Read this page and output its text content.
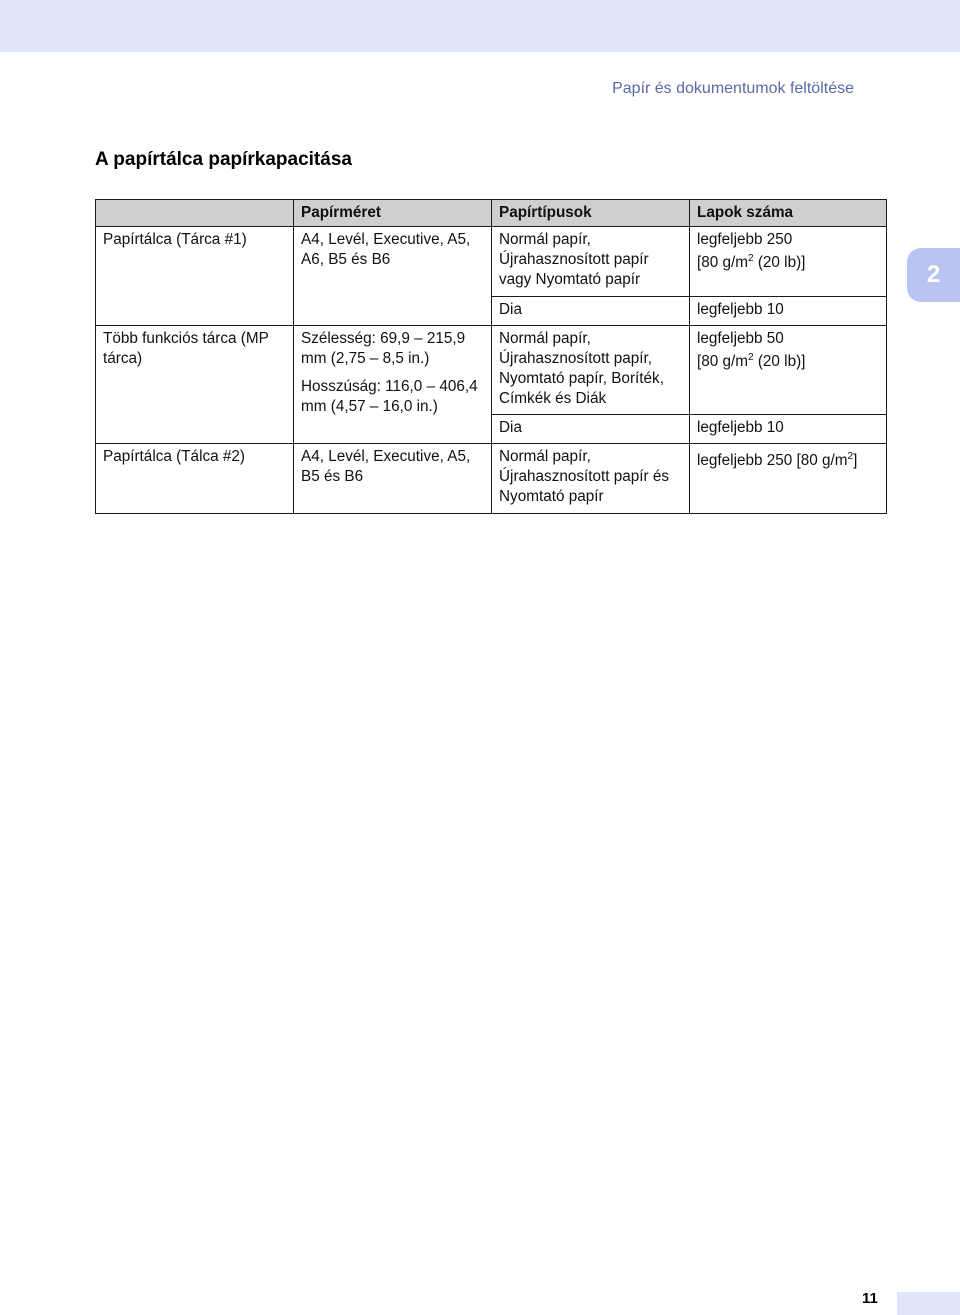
Papír és dokumentumok feltöltése
A papírtálca papírkapacitása
2
	Papírméret	Papírtípusok	Lapok száma
Papírtálca (Tárca #1)	A4, Levél, Executive, A5, A6, B5 és B6	Normál papír, Újrahasznosított papír vagy Nyomtató papír	legfeljebb 250
[80 $g/m^2$ (20 lb)]

		Dia	legfeljebb 10
Több funkciós tárca (MP tárca)	Szélesség: 69,9 – 215,9 mm (2,75 – 8,5 in.)
Hosszúság: 116,0 – 406,4 mm (4,57 – 16,0 in.)	Normál papír, Újrahasznosított papír, Nyomtató papír, Boríték, Címkék és Diák	legfeljebb 50
[80 $g/m^2$ (20 lb)]

		Dia	legfeljebb 10
Papírtálca (Tálca #2)	A4, Levél, Executive, A5, B5 és B6	Normál papír, Újrahasznosított papír és Nyomtató papír	legfeljebb 250 [80 $g/m^2$]
11
